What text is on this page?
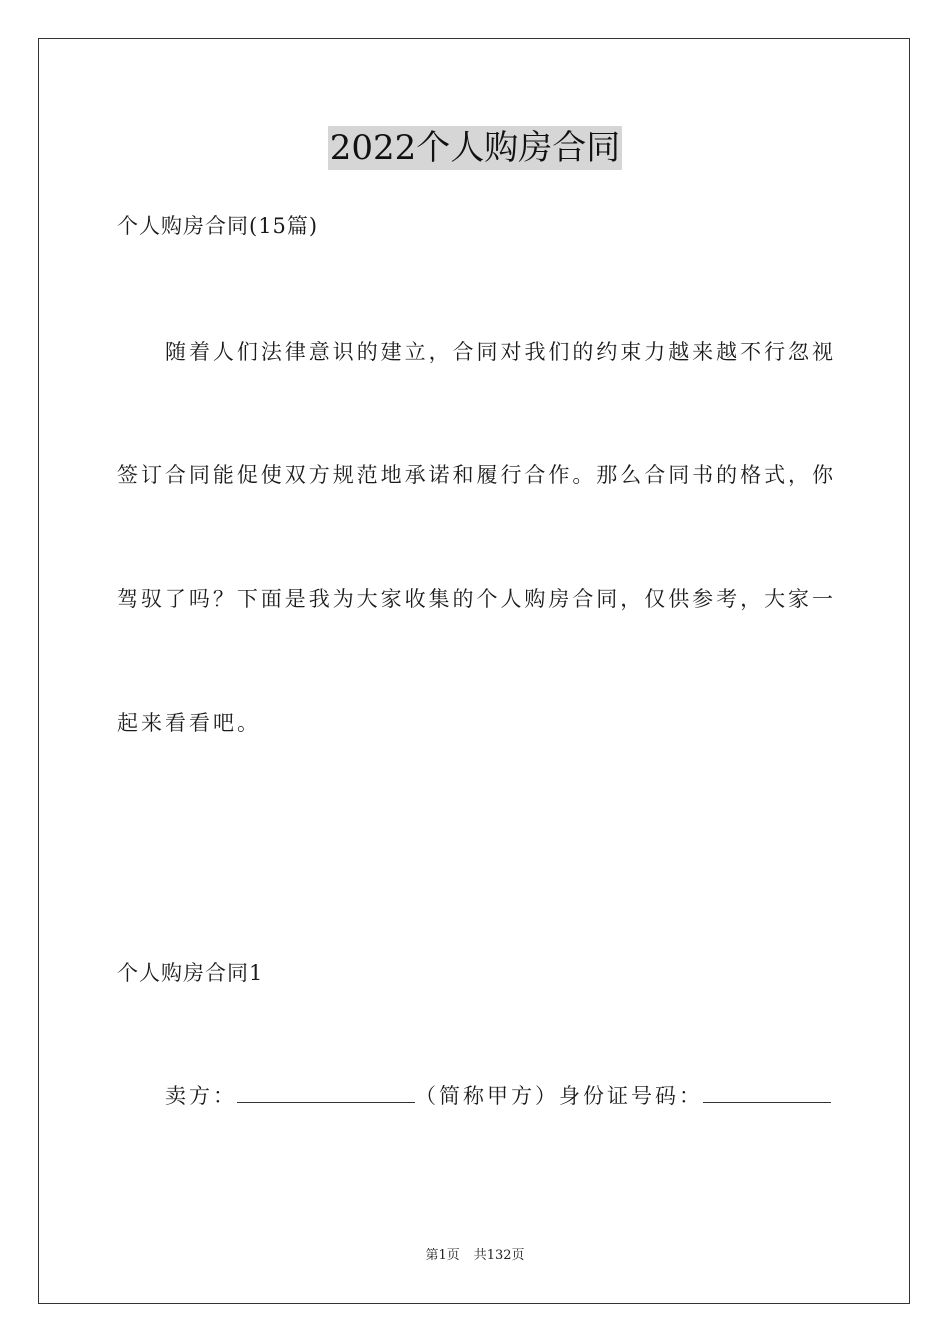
2022个人购房合同
个人购房合同(15篇)
随着人们法律意识的建立，合同对我们的约束力越来越不行忽视
签订合同能促使双方规范地承诺和履行合作。那么合同书的格式，你
驾驭了吗？下面是我为大家收集的个人购房合同，仅供参考，大家一
起来看看吧。
个人购房合同1
卖方：	（简称甲方）身份证号码：
第1页 共132页
